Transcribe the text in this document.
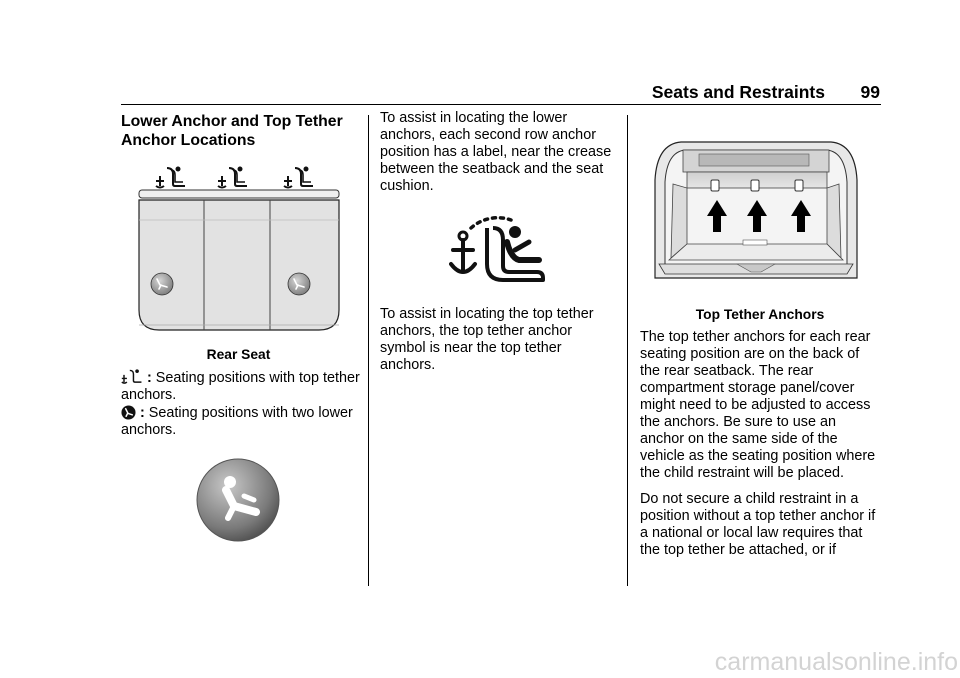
Seats and Restraints	99
Lower Anchor and Top Tether Anchor Locations
Rear Seat
: Seating positions with top tether anchors.
: Seating positions with two lower anchors.

To assist in locating the lower anchors, each second row anchor position has a label, near the crease between the seatback and the seat cushion.

To assist in locating the top tether anchors, the top tether anchor symbol is near the top tether anchors.

Top Tether Anchors

The top tether anchors for each rear seating position are on the back of the rear seatback. The rear compartment storage panel/cover might need to be adjusted to access the anchors. Be sure to use an anchor on the same side of the vehicle as the seating position where the child restraint will be placed.

Do not secure a child restraint in a position without a top tether anchor if a national or local law requires that the top tether be attached, or if

carmanualsonline.info
